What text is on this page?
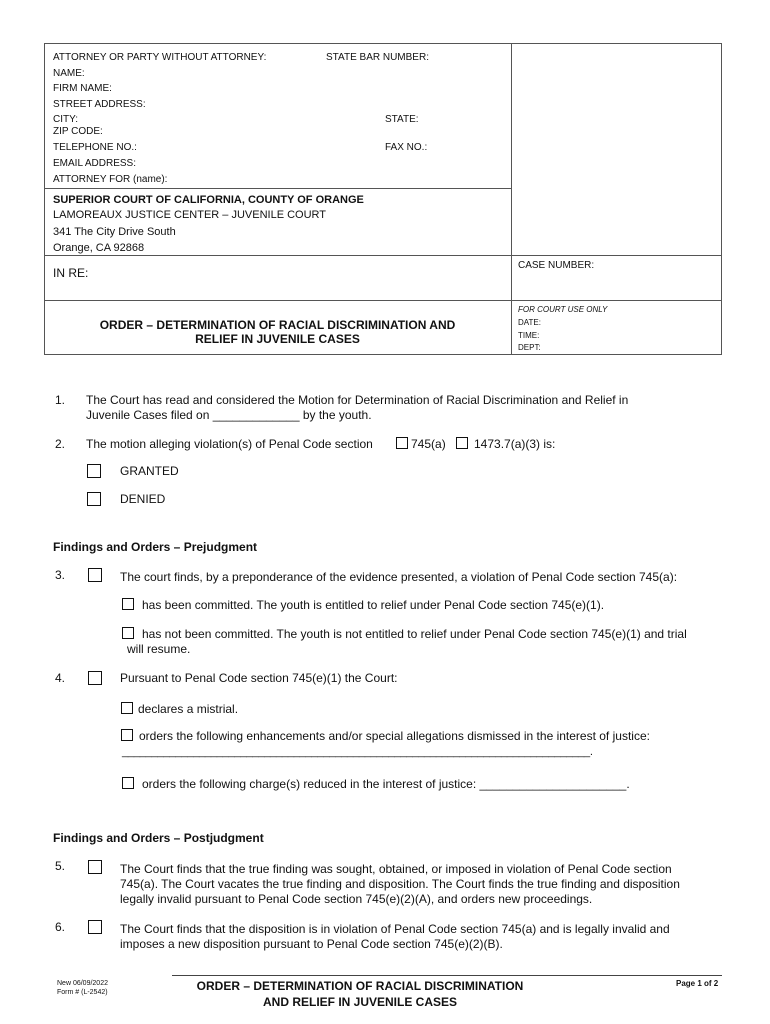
ATTORNEY OR PARTY WITHOUT ATTORNEY:	STATE BAR NUMBER:
NAME:
FIRM NAME:
STREET ADDRESS:
CITY:	STATE:
ZIP CODE:
TELEPHONE NO.:	FAX NO.:
EMAIL ADDRESS:
ATTORNEY FOR (name):
SUPERIOR COURT OF CALIFORNIA, COUNTY OF ORANGE
LAMOREAUX JUSTICE CENTER – JUVENILE COURT
341 The City Drive South
Orange, CA 92868
IN RE:
CASE NUMBER:
ORDER – DETERMINATION OF RACIAL DISCRIMINATION AND
RELIEF IN JUVENILE CASES
FOR COURT USE ONLY
DATE:
TIME:
DEPT:
1. The Court has read and considered the Motion for Determination of Racial Discrimination and Relief in
Juvenile Cases filed on _____________ by the youth.
2. The motion alleging violation(s) of Penal Code section	745(a) 1473.7(a)(3) is:
GRANTED
DENIED
Findings and Orders – Prejudgment
3.	The court finds, by a preponderance of the evidence presented, a violation of Penal Code section 745(a):
has been committed. The youth is entitled to relief under Penal Code section 745(e)(1).
has not been committed. The youth is not entitled to relief under Penal Code section 745(e)(1) and trial
will resume.
4.	Pursuant to Penal Code section 745(e)(1) the Court:
declares a mistrial.
orders the following enhancements and/or special allegations dismissed in the interest of justice:
_______________________________________________________________________________.
orders the following charge(s) reduced in the interest of justice: ______________________.
Findings and Orders – Postjudgment
5.	The Court finds that the true finding was sought, obtained, or imposed in violation of Penal Code section
745(a). The Court vacates the true finding and disposition. The Court finds the true finding and disposition
legally invalid pursuant to Penal Code section 745(e)(2)(A), and orders new proceedings.
6.	The Court finds that the disposition is in violation of Penal Code section 745(a) and is legally invalid and
imposes a new disposition pursuant to Penal Code section 745(e)(2)(B).
New 06/09/2022
Form # (L-2542)	ORDER – DETERMINATION OF RACIAL DISCRIMINATION
AND RELIEF IN JUVENILE CASES
Page 1 of 2
